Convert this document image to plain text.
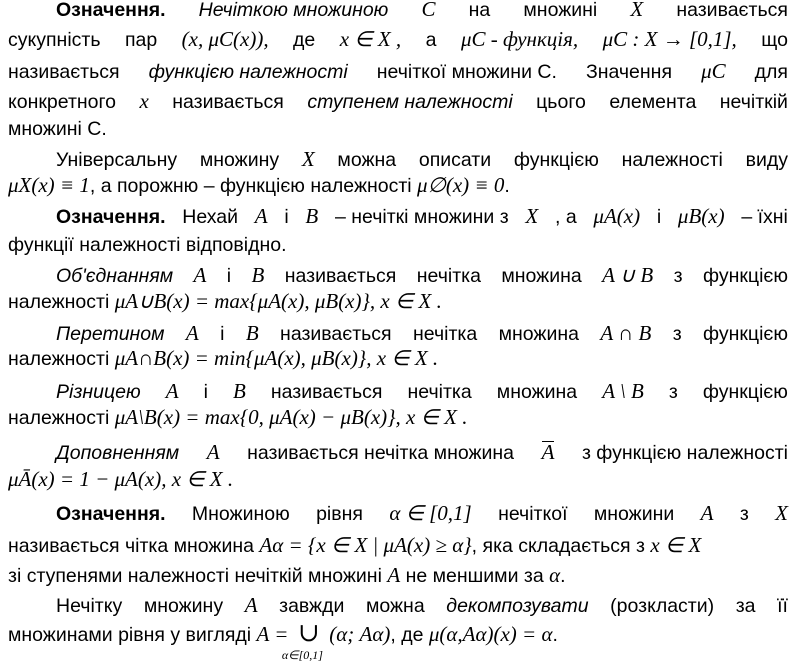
Означення. Нечіткою множиною C на множині X називається
сукупність пар (x, μC(x)), де x ∈ X , а μC - функція, μC : X → [0,1], що
називається функцією належності нечіткої множини C. Значення μC для
конкретного x називається ступенем належності цього елемента нечіткій
множині C.
Універсальну множину X можна описати функцією належності виду
μX(x) ≡ 1, а порожню – функцією належності μ∅(x) ≡ 0.
Означення. Нехай A і B – нечіткі множини з X , а μA(x) і μB(x) – їхні
функції належності відповідно.
Об'єднанням A і B називається нечітка множина A ∪ B з функцією
належності μA∪B(x) = max{μA(x), μB(x)}, x ∈ X .
Перетином A і B називається нечітка множина A ∩ B з функцією
належності μA∩B(x) = min{μA(x), μB(x)}, x ∈ X .
Різницею A і B називається нечітка множина A \ B з функцією
належності μA\B(x) = max{0, μA(x) − μB(x)}, x ∈ X .
Доповненням A називається нечітка множина A з функцією належності
μĀ(x) = 1 − μA(x), x ∈ X .
Означення. Множиною рівня α ∈ [0,1] нечіткої множини A з X
називається чітка множина Aα = {x ∈ X | μA(x) ≥ α}, яка складається з x ∈ X
зі ступенями належності нечіткій множині A не меншими за α.
Нечітку множину A завжди можна декомпозувати (розкласти) за її
множинами рівня у вигляді A = ∪
α∈[0,1]
(α; Aα), де μ(α,Aα)(x) = α.
